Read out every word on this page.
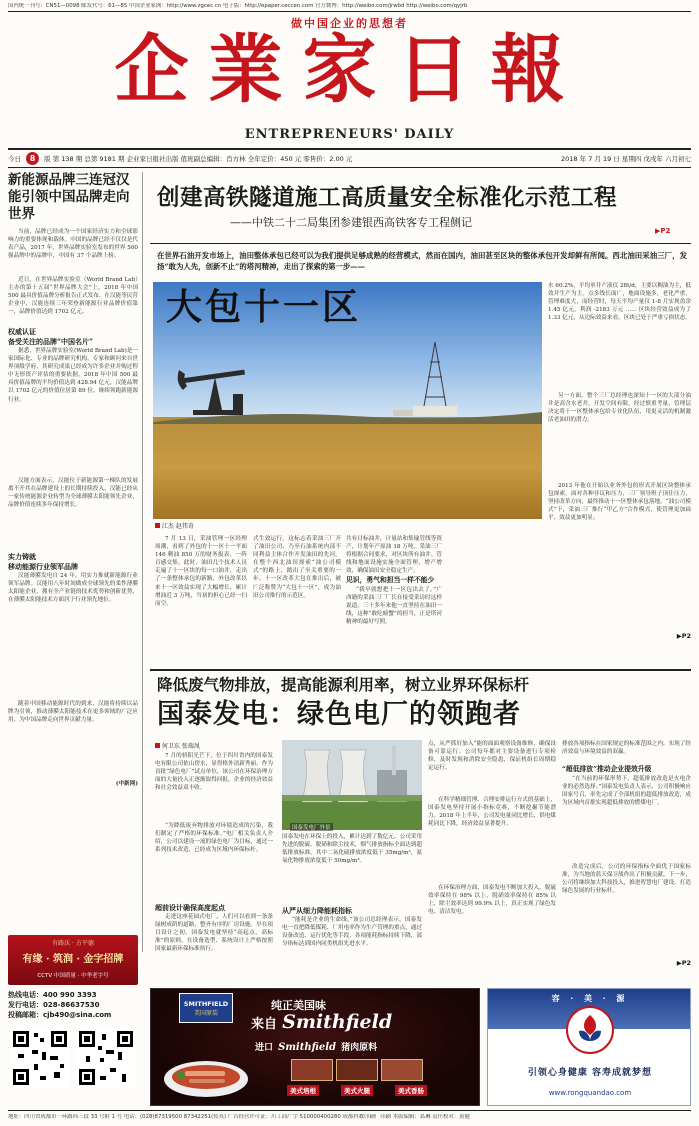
国内统一刊号：CN51—0098 邮发代号：61—85 中国企业家网：http://www.zgcec.cn 电子版：http://epaper.ceccen.com 官方微博：http://weibo.com/jrwbd http://weibo.com/qyjrb
做中国企业的思想者
企業家日報
ENTREPRENEURS' DAILY
今日 8 版 第 138 期 总第 9181 期 企业家日报社出版 值班副总编辑：肖方林 全年定价：450 元 零售价：2.00 元	2018 年 7 月 19 日 星期四 戊戌年 六月初七
新能源品牌三连冠汉能引领中国品牌走向世界
当前，品牌已经成为一个国家经济实力和全球影响力的重要体现和载体。中国的品牌已经不仅仅是代表产品，2017 年，世界品牌实验室发布的世界 500 强品牌中的品牌中，中国有 37 个品牌上榜。
近日，在世界品牌实验室（World Brand Lab）主办的第十五届“世界品牌大会”上，2018 年中国 500 最具价值品牌分析报告正式发布。在汉能等民营企业中，汉能连续三年荣登新能源行业品牌价值第一，品牌价值达到 1702 亿元。
权威认证
备受关注的品牌“中国名片”
据悉，世界品牌实验室(World Brand Lab)是一家国际化、专业的品牌研究机构，专家和顾问来自世界顶级学府，其研究成果已经成为许多企业并购过程中无形资产评估的重要依据。2018 年中国 500 最具价值品牌的平均价值达到 428.94 亿元，汉能品牌以 1702 亿元的价值位居第 89 位，继续领跑新能源行业。
汉能方面表示，汉能位于新能源第一梯队的发展离不开其在品牌建设上的长期持续投入，汉能已经从一家传统能源企业转型为全球薄膜太阳能领先企业，品牌价值连续多年保持增长。
实力铸就
移动能源行业领军品牌
汉能薄膜发电自 24 年，用实力推就新能源行业领军品牌。汉能用八年时间做成全球领先的柔性薄膜太阳能企业，拥有全产业链的技术优势和创新优势，在薄膜太阳能技术方面居于行业领先地位。
随着中国移动能源时代的到来，汉能将持续以品牌为引领，推动薄膜太阳能技术在更多领域的广泛应用，为中国品牌走向世界贡献力量。
(中新网)
有路沃 · 方平德
有缘 · 筑润 · 金字招牌
CCTV 中国质量 · 中华老字号
热线电话：400 990 3393
发行电话：028-86637530
投稿邮箱：cjb490@sina.com
创建高铁隧道施工高质量安全标准化示范工程
——中铁二十二局集团参建银西高铁客专工程侧记
▶P2
在世界石油开发市场上，油田整体承包已经可以为我们提供足够成熟的经营模式，然而在国内，油田甚至区块的整体承包开发却鲜有所闻。西北油田采油三厂，发扬“敢为人先，创新不止”的塔河精神，走出了探索的第一步——
大包十一区
江杰 赵伟奇
7 月 13 日，采油管理一区经理周潮，看到了外包的十一区十一平面 146 剩油 850 万的财务报表，一阵百感交集。此时，油田几个技术人员走遍了十一区块的每一口油井，走出了一条整体承包的新路，外包改革以来十一区效益实现了大幅增长，累计增油近 3 万吨，当初的担心已经一扫而空。
式生效运行。这标志着采油三厂开了油田公司、乃至石油系统内部不同利益主体合作开发油田的先河。在整个西北油田探索“油公司模式”的路上，踏出了至关重要的一步。十一区改革大包在推出后，被广泛称赞为“大包十一区”，成为油田公司推行的示范区。
共有目标油井、计量站和集输管线等资产，计划年产原油 18 万吨。采油三厂将根据合同要求，对区块所有油井、管线和地面设施实施全面管理，增产增效，确保油田安全稳定生产。
见识，勇气和担当一样不能少
“我早就想把十一区包出去了。”广西籍的采油三厂厂长在接受采访时这样说道，三十多年来他一直坚持在油田一线，这种“敢吃螃蟹”的担当，正是塔河精神的最好写照。
水 60.2%，平均单井产液仅 28t/d，主要以稠油为主，低效井生产为主。点多线长面广，地面设施多，老化严重，管理难度大，而经营时，每天平均产量仅 1-8 月实现盈余 1.45 亿元，利润 -2183 万元 …… 区块经营效益成为了 1.33 亿元，从边际效益来看，区块已处于严重亏损状态。
另一方面，整个三厂总经理也深知十一区的大部分油井是高含水老井，开发空间有限。经过慎重考量，管理层决定将十一区整体承包给专业化队伍，用更灵活的机制激活老油田的潜力。
2013 年他在开始以业务外包的形式开展区块整体承包探索，面对各种非议和压力，三厂领导班子顶住压力，坚持改革方向，最终推动十一区整体承包落地。“油公司模式”下，采油三厂推行“甲乙方”合作模式，使管理更加扁平，效益更加明显。
▶P2
降低废气物排放，提高能源利用率，树立业界环保标杆
国泰发电：绿色电厂的领跑者
何卫东 张瑞凤
7 月的骄阳光芒下，位于四川省内的国泰发电有限公司依山傍水，显得格外清新秀丽。作为首批“绿色电厂”试点单位，该公司在环保治理方面的大量投入正逐渐取得回报，企业的经济效益和社会效益双丰收。
“为降低废弃物排放对环境造成的污染，我们制定了严格的环保标准。”电厂相关负责人介绍，公司以建设一流的绿色电厂为目标，通过一系列技术改造，已经成为区域内环保标杆。
超前设计确保高度起点
走进这座花园式电厂，人们可以看到一条条绿树成荫的道路，整齐有序的厂房设施。早在项目设计之初，国泰发电就坚持“高起点、高标准”的原则，在设备选型、系统设计上严格按照国家最新环保标准执行。
国泰发电厂外景
国泰发电在环保上的投入，累计达到了数亿元。公司采用先进的脱硫、脱硝和除尘技术，烟气排放指标全面达到超低排放标准，其中二氧化硫排放浓度低于 35mg/m³，氮氧化物排放浓度低于 50mg/m³。
从严从细力降能耗指标
“能耗是企业的生命线。”该公司总经理表示，国泰发电一直把降低煤耗、厂用电率作为生产管理的重点，通过设备改造、运行优化等手段，各项能耗指标持续下降，部分指标达到国内同类机组先进水平。
点，从严抓好加入“能的面面观察设备维修，确保设备可靠运行。公司每年都对主要设备进行专项检修，及时发现和消除安全隐患，保证机组长周期稳定运行。
在科学精细管理、合理安排运行方式的基础上，国泰发电坚持开展小指标竞赛，不断挖掘节能潜力。2018 年上半年，公司发电量同比增长，供电煤耗同比下降，经济效益显著提升。
在环保治理方面，国泰发电不断加大投入，脱硫效率保持在 98% 以上，脱硝效率保持在 85% 以上，除尘效率达到 99.9% 以上，真正实现了绿色发电、清洁发电。
排放各项指标在国家规定的标准范围之内，实现了经济效益与环境效益的双赢。
“超低排放”推动企业提效升级
“在当前的环保形势下，超低排放改造是火电企业的必然选择。”国泰发电负责人表示，公司积极响应国家号召，率先完成了全部机组的超低排放改造，成为区域内首批实现超低排放的燃煤电厂。
改造完成后，公司的环保指标全面优于国家标准，为当地的蓝天保卫战作出了积极贡献。下一步，公司将继续加大科技投入，推进智慧电厂建设，打造绿色发展的行业标杆。
▶P2
SMITHFIELD
美国原装
纯正美国味
来自 Smithfield
进口 Smithfield 猪肉原料
美式培根	美式火腿	美式香肠
容 · 美 · 源
引领心身健康 容寿成就梦想
www.rongquandao.com
地址：四川省成都市一环路西三段 33 号附 1 号 电话：(028)87319500 87342251(传真) 广告经营许可证：川工商广字 510000400280 成都科教印刷厂印刷 本版编辑：葛琳 责任校对：黄健
